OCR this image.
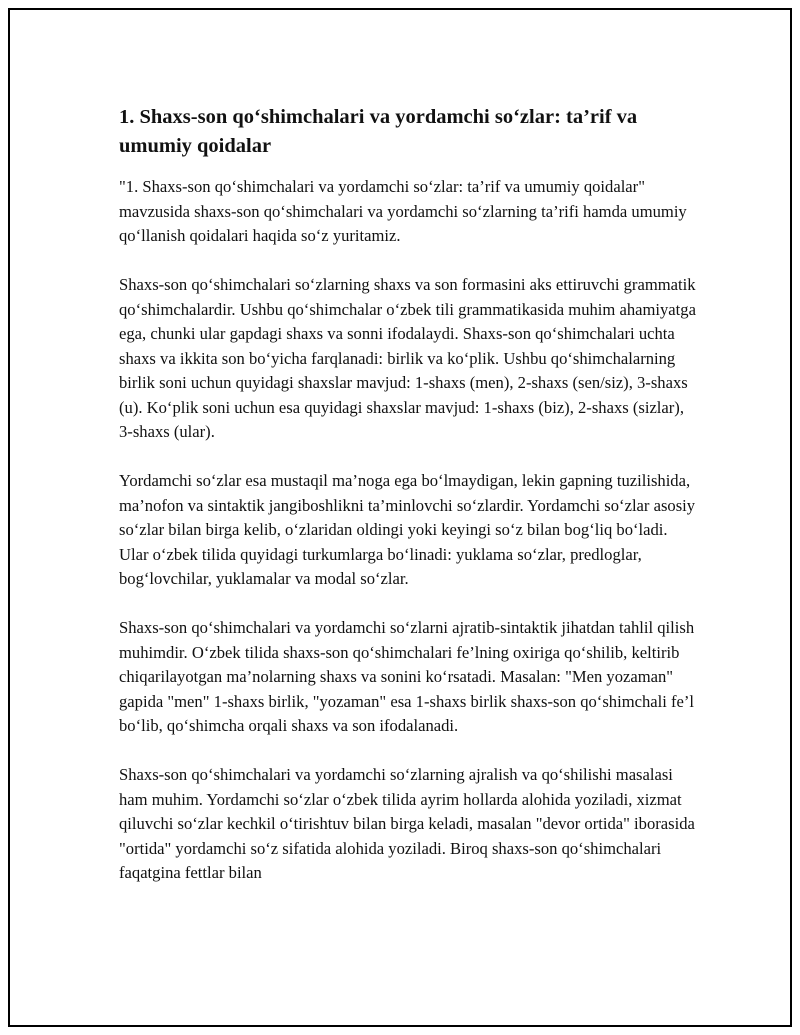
1. Shaxs-son qo‘shimchalari va yordamchi so‘zlar: ta’rif va umumiy qoidalar

"1. Shaxs-son qo‘shimchalari va yordamchi so‘zlar: ta’rif va umumiy qoidalar" mavzusida shaxs-son qo‘shimchalari va yordamchi so‘zlarning ta’rifi hamda umumiy qo‘llanish qoidalari haqida so‘z yuritamiz.

Shaxs-son qo‘shimchalari so‘zlarning shaxs va son formasini aks ettiruvchi grammatik qo‘shimchalardir. Ushbu qo‘shimchalar o‘zbek tili grammatikasida muhim ahamiyatga ega, chunki ular gapdagi shaxs va sonni ifodalaydi. Shaxs-son qo‘shimchalari uchta shaxs va ikkita son bo‘yicha farqlanadi: birlik va ko‘plik. Ushbu qo‘shimchalarning birlik soni uchun quyidagi shaxslar mavjud: 1-shaxs (men), 2-shaxs (sen/siz), 3-shaxs (u). Ko‘plik soni uchun esa quyidagi shaxslar mavjud: 1-shaxs (biz), 2-shaxs (sizlar), 3-shaxs (ular).

Yordamchi so‘zlar esa mustaqil ma’noga ega bo‘lmaydigan, lekin gapning tuzilishida, ma’nofon va sintaktik jangiboshlikni ta’minlovchi so‘zlardir. Yordamchi so‘zlar asosiy so‘zlar bilan birga kelib, o‘zlaridan oldingi yoki keyingi so‘z bilan bog‘liq bo‘ladi. Ular o‘zbek tilida quyidagi turkumlarga bo‘linadi: yuklama so‘zlar, predloglar, bog‘lovchilar, yuklamalar va modal so‘zlar.

Shaxs-son qo‘shimchalari va yordamchi so‘zlarni ajratib-sintaktik jihatdan tahlil qilish muhimdir. O‘zbek tilida shaxs-son qo‘shimchalari fe’lning oxiriga qo‘shilib, keltirib chiqarilayotgan ma’nolarning shaxs va sonini ko‘rsatadi. Masalan: "Men yozaman" gapida "men" 1-shaxs birlik, "yozaman" esa 1-shaxs birlik shaxs-son qo‘shimchali fe’l bo‘lib, qo‘shimcha orqali shaxs va son ifodalanadi.

Shaxs-son qo‘shimchalari va yordamchi so‘zlarning ajralish va qo‘shilishi masalasi ham muhim. Yordamchi so‘zlar o‘zbek tilida ayrim hollarda alohida yoziladi, xizmat qiluvchi so‘zlar kechkil o‘tirishtuv bilan birga keladi, masalan "devor ortida" iborasida "ortida" yordamchi so‘z sifatida alohida yoziladi. Biroq shaxs-son qo‘shimchalari faqatgina fettlar bilan
